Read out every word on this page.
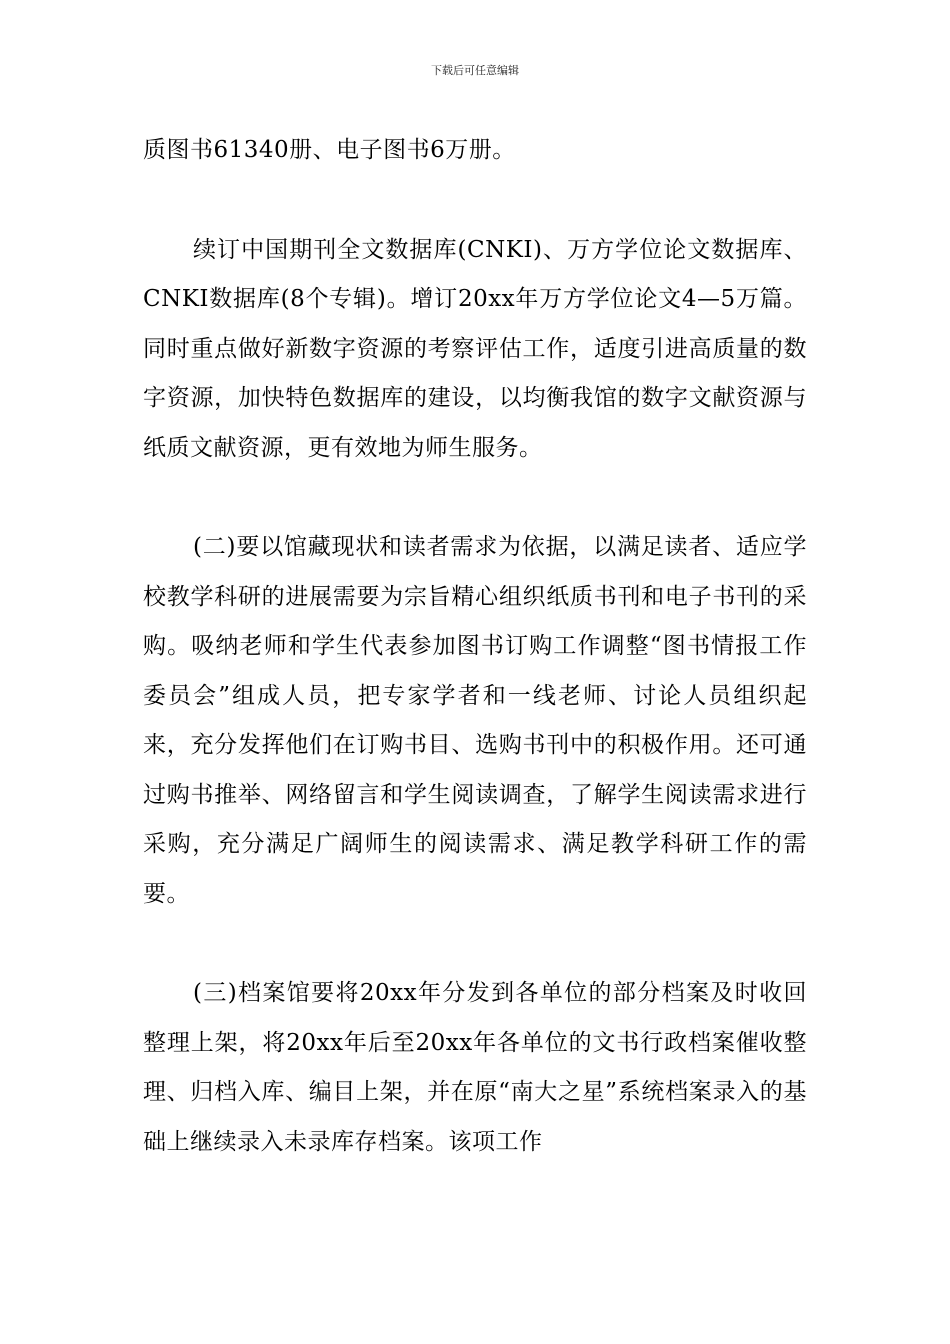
下载后可任意编辑

质图书61340册、电子图书6万册。

续订中国期刊全文数据库(CNKI)、万方学位论文数据库、CNKI数据库(8个专辑)。增订20xx年万方学位论文4—5万篇。同时重点做好新数字资源的考察评估工作，适度引进高质量的数字资源，加快特色数据库的建设，以均衡我馆的数字文献资源与纸质文献资源，更有效地为师生服务。

(二)要以馆藏现状和读者需求为依据，以满足读者、适应学校教学科研的进展需要为宗旨精心组织纸质书刊和电子书刊的采购。吸纳老师和学生代表参加图书订购工作调整“图书情报工作委员会”组成人员，把专家学者和一线老师、讨论人员组织起来，充分发挥他们在订购书目、选购书刊中的积极作用。还可通过购书推举、网络留言和学生阅读调查，了解学生阅读需求进行采购，充分满足广阔师生的阅读需求、满足教学科研工作的需要。

(三)档案馆要将20xx年分发到各单位的部分档案及时收回整理上架，将20xx年后至20xx年各单位的文书行政档案催收整理、归档入库、编目上架，并在原“南大之星”系统档案录入的基础上继续录入未录库存档案。该项工作
